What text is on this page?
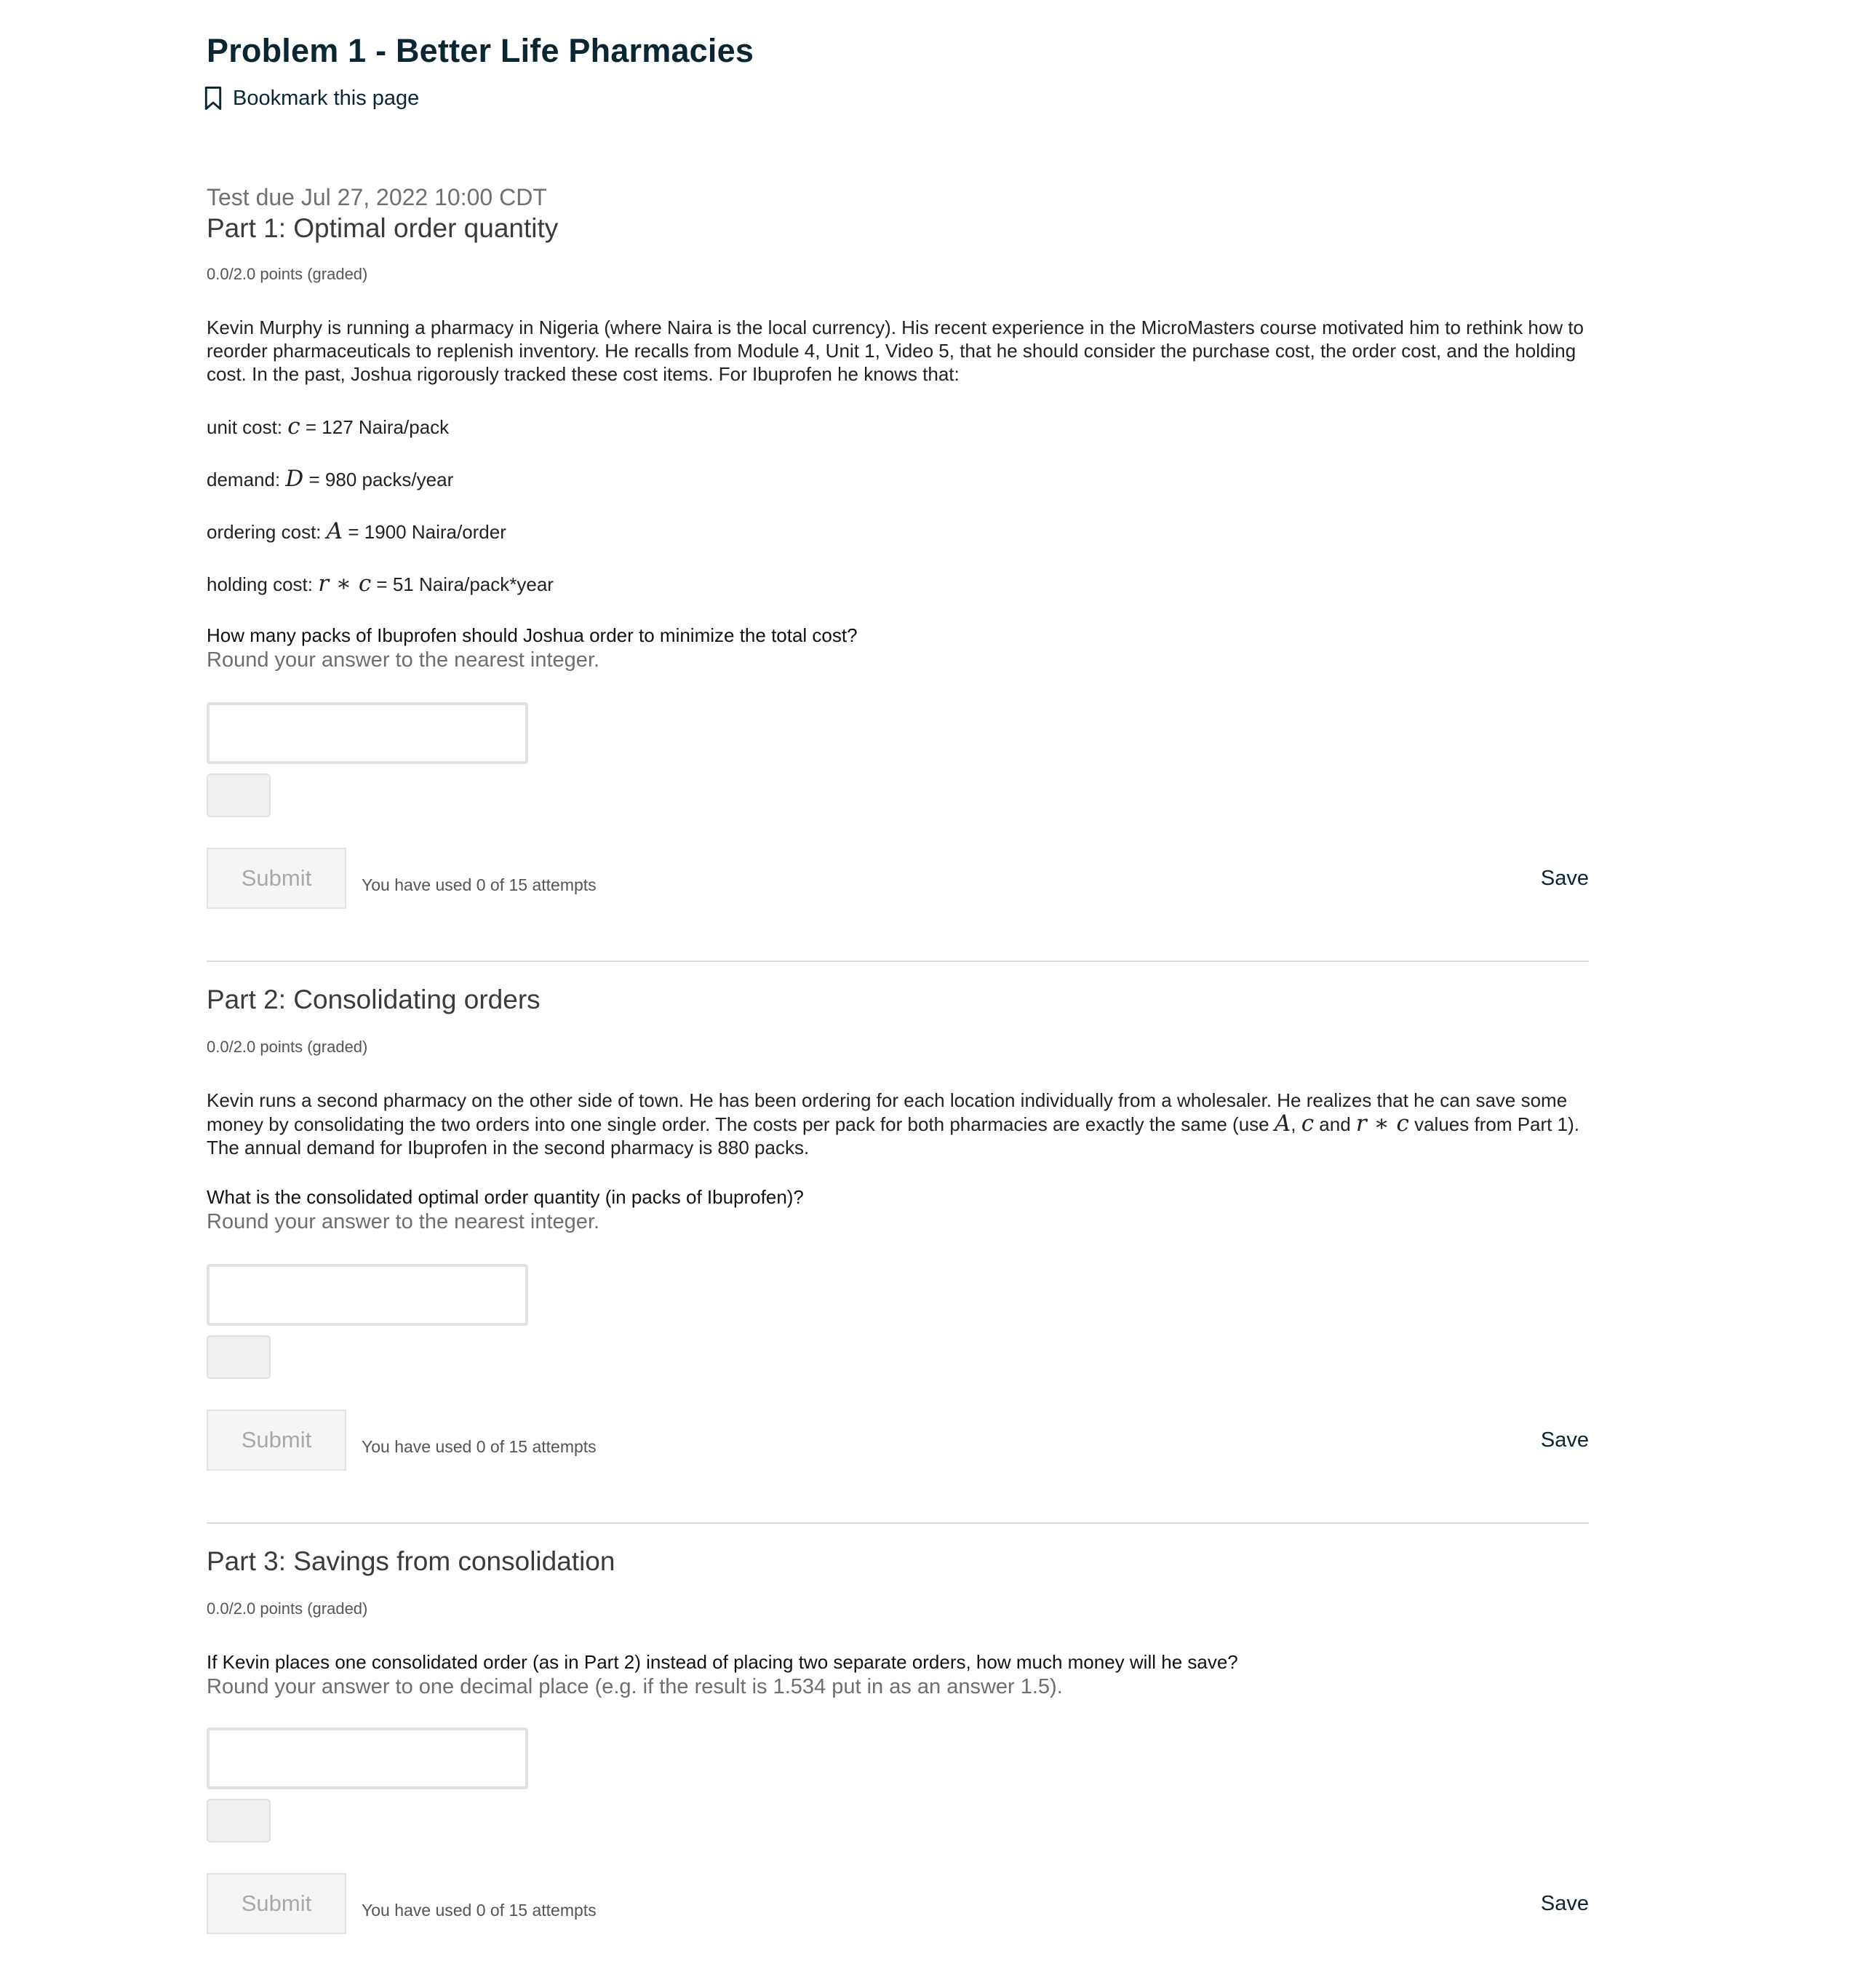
Problem 1 - Better Life Pharmacies
Bookmark this page
Test due Jul 27, 2022 10:00 CDT
Part 1: Optimal order quantity
0.0/2.0 points (graded)
Kevin Murphy is running a pharmacy in Nigeria (where Naira is the local currency). His recent experience in the MicroMasters course motivated him to rethink how to reorder pharmaceuticals to replenish inventory. He recalls from Module 4, Unit 1, Video 5, that he should consider the purchase cost, the order cost, and the holding cost. In the past, Joshua rigorously tracked these cost items. For Ibuprofen he knows that:
unit cost: c = 127 Naira/pack
demand: D = 980 packs/year
ordering cost: A = 1900 Naira/order
holding cost: r ∗ c = 51 Naira/pack*year
How many packs of Ibuprofen should Joshua order to minimize the total cost?
Round your answer to the nearest integer.
Submit	You have used 0 of 15 attempts	Save
Part 2: Consolidating orders
0.0/2.0 points (graded)
Kevin runs a second pharmacy on the other side of town. He has been ordering for each location individually from a wholesaler. He realizes that he can save some money by consolidating the two orders into one single order. The costs per pack for both pharmacies are exactly the same (use A, c and r ∗ c values from Part 1). The annual demand for Ibuprofen in the second pharmacy is 880 packs.
What is the consolidated optimal order quantity (in packs of Ibuprofen)?
Round your answer to the nearest integer.
Submit	You have used 0 of 15 attempts	Save
Part 3: Savings from consolidation
0.0/2.0 points (graded)
If Kevin places one consolidated order (as in Part 2) instead of placing two separate orders, how much money will he save?
Round your answer to one decimal place (e.g. if the result is 1.534 put in as an answer 1.5).
Submit	You have used 0 of 15 attempts	Save
